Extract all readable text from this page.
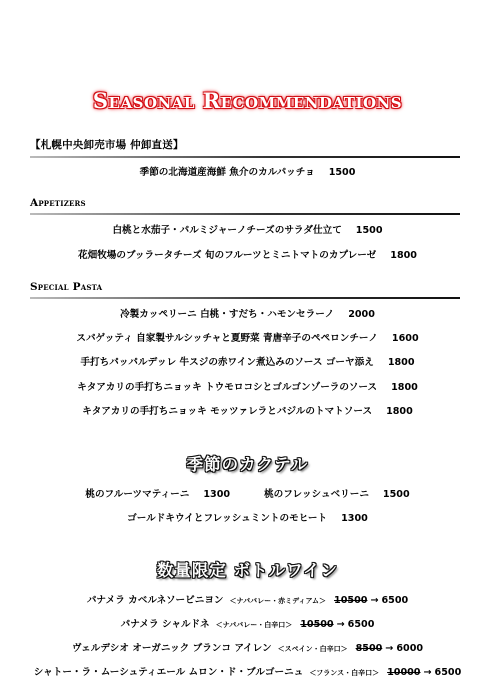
Seasonal Recommendations
【札幌中央卸売市場 仲卸直送】
季節の北海道産海鮮 魚介のカルパッチョ 1500
Appetizers
白桃と水茄子・パルミジャーノチーズのサラダ仕立て 1500
花畑牧場のブッラータチーズ 旬のフルーツとミニトマトのカプレーゼ 1800
Special Pasta
冷製カッペリーニ 白桃・すだち・ハモンセラーノ 2000
スパゲッティ 自家製サルシッチャと夏野菜 青唐辛子のペペロンチーノ 1600
手打ちパッパルデッレ 牛スジの赤ワイン煮込みのソース ゴーヤ添え 1800
キタアカリの手打ちニョッキ トウモロコシとゴルゴンゾーラのソース 1800
キタアカリの手打ちニョッキ モッツァレラとバジルのトマトソース 1800
季節のカクテル
桃のフルーツマティーニ 1300	桃のフレッシュベリーニ 1500
ゴールドキウイとフレッシュミントのモヒート 1300
数量限定 ボトルワイン
パナメラ カベルネソービニヨン ＜ナパバレー・赤ミディアム＞ 10500 → 6500
パナメラ シャルドネ ＜ナパバレー・白辛口＞ 10500 → 6500
ヴェルデシオ オーガニック ブランコ アイレン ＜スペイン・白辛口＞ 8500 → 6000
シャトー・ラ・ムーシュティエール ムロン・ド・ブルゴーニュ ＜フランス・白辛口＞ 10000 → 6500
